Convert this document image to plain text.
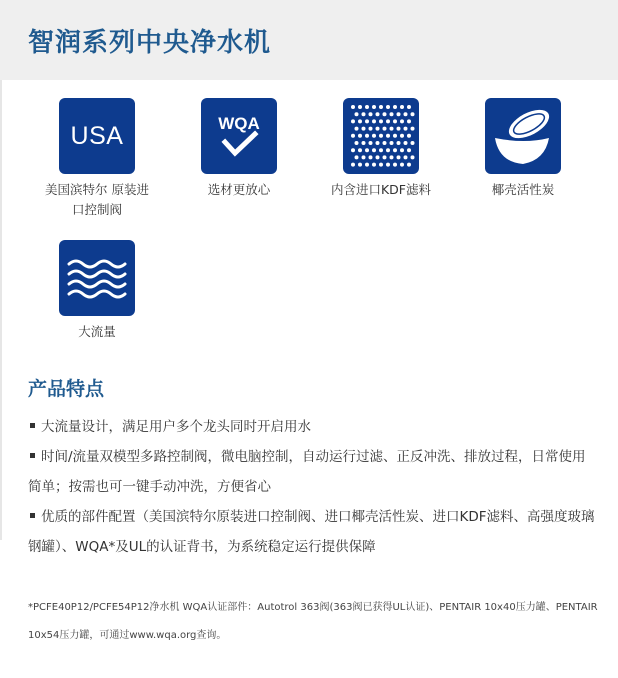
智润系列中央净水机
USA
美国滨特尔 原装进口控制阀
WQA
选材更放心	内含进口KDF滤料	椰壳活性炭
大流量
产品特点
大流量设计，满足用户多个龙头同时开启用水
时间/流量双模型多路控制阀，微电脑控制，自动运行过滤、正反冲洗、排放过程，日常使用简单；按需也可一键手动冲洗，方便省心
优质的部件配置（美国滨特尔原装进口控制阀、进口椰壳活性炭、进口KDF滤料、高强度玻璃钢罐）、WQA*及UL的认证背书，为系统稳定运行提供保障
*PCFE40P12/PCFE54P12净水机 WQA认证部件：Autotrol 363阀(363阀已获得UL认证)、PENTAIR 10x40压力罐、PENTAIR 10x54压力罐，可通过www.wqa.org查询。
